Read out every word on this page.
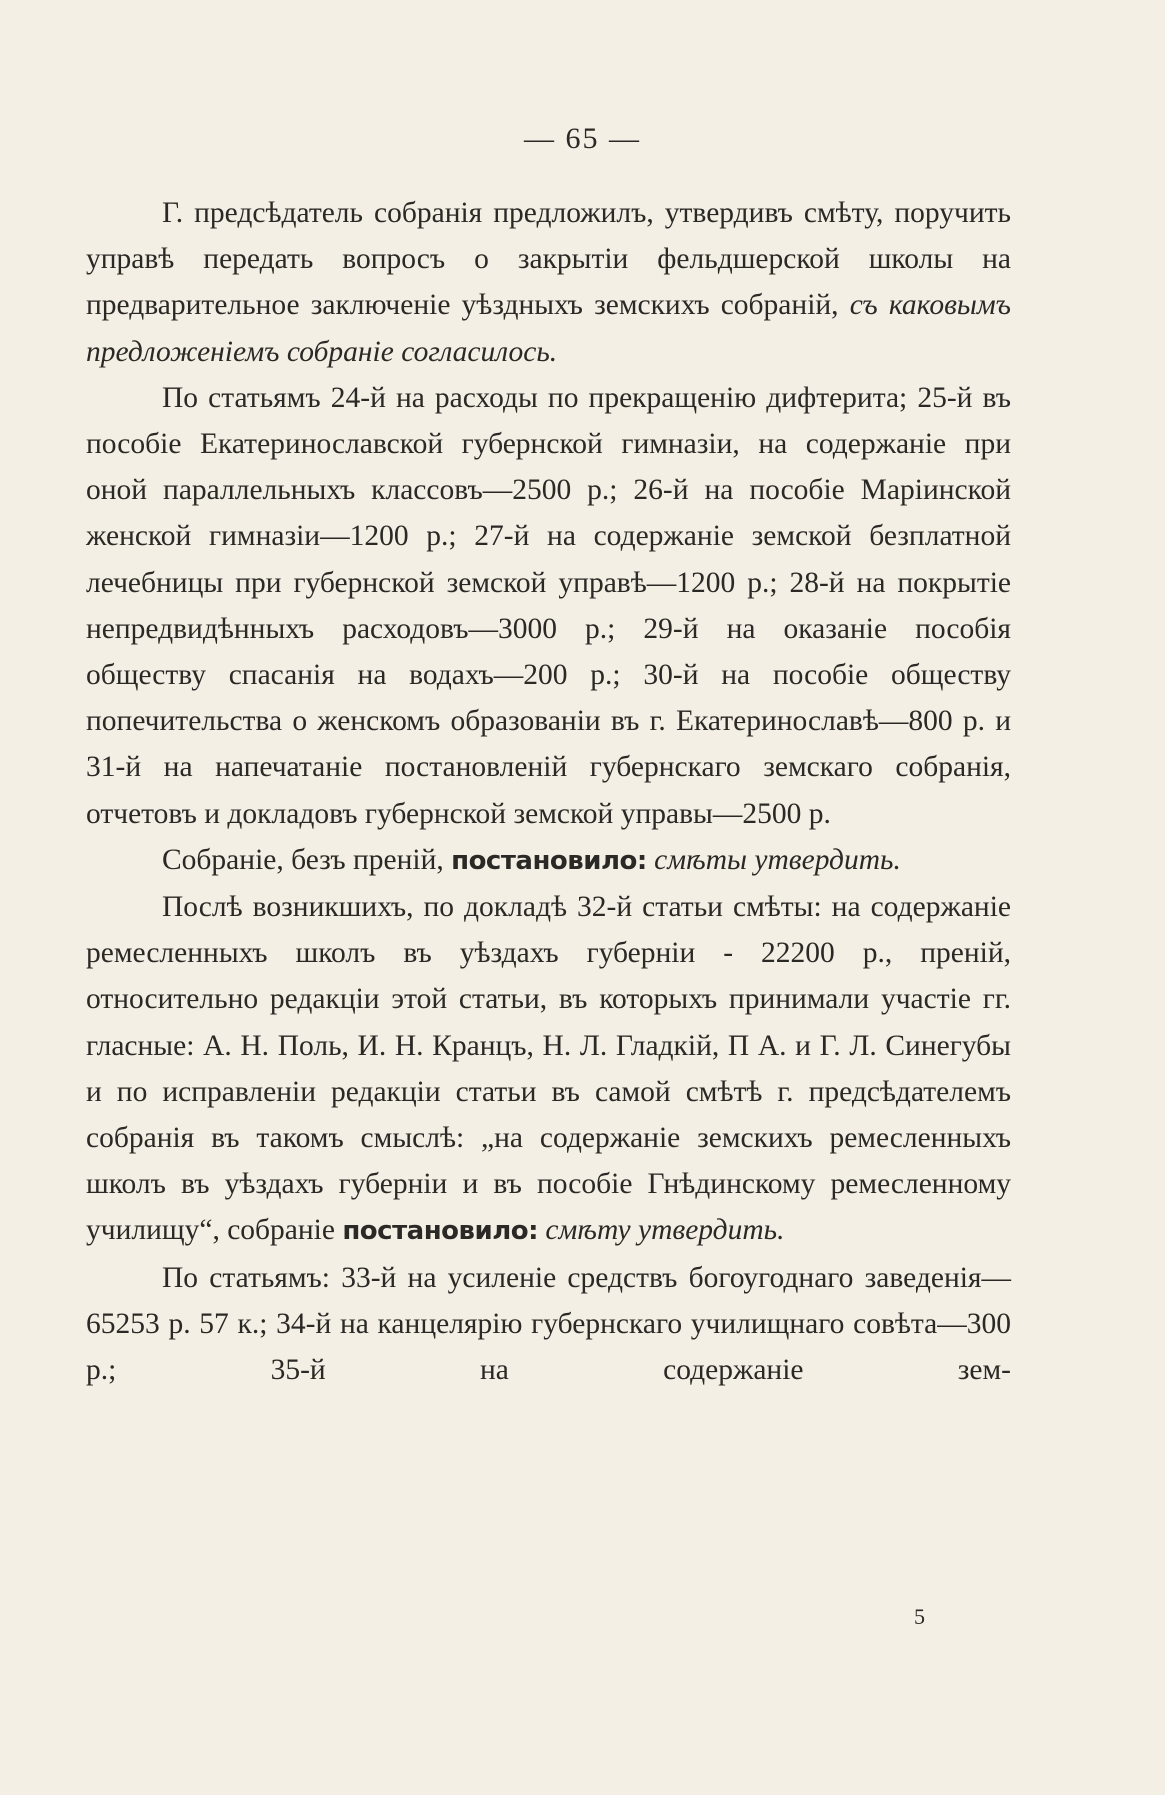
— 65 —

Г. предсѣдатель собранія предложилъ, утвердивъ смѣту, поручить управѣ передать вопросъ о закрытіи фельдшерской школы на предварительное заключеніе уѣздныхъ земскихъ собраній, съ каковымъ предложеніемъ собраніе согласилось.

По статьямъ 24-й на расходы по прекращенію дифтерита; 25-й въ пособіе Екатеринославской губернской гимназіи, на содержаніе при оной параллельныхъ классовъ—2500 р.; 26-й на пособіе Маріинской женской гимназіи—1200 р.; 27-й на содержаніе земской безплатной лечебницы при губернской земской управѣ—1200 р.; 28-й на покрытіе непредвидѣнныхъ расходовъ—3000 р.; 29-й на оказаніе пособія обществу спасанія на водахъ—200 р.; 30-й на пособіе обществу попечительства о женскомъ образованіи въ г. Екатеринославѣ—800 р. и 31-й на напечатаніе постановленій губернскаго земскаго собранія, отчетовъ и докладовъ губернской земской управы—2500 р.

Собраніе, безъ преній, постановило: смѣты утвердить.

Послѣ возникшихъ, по докладѣ 32-й статьи смѣты: на содержаніе ремесленныхъ школъ въ уѣздахъ губерніи - 22200 р., преній, относительно редакціи этой статьи, въ которыхъ принимали участіе гг. гласные: А. Н. Поль, И. Н. Кранцъ, Н. Л. Гладкій, П А. и Г. Л. Синегубы и по исправленіи редакціи статьи въ самой смѣтѣ г. предсѣдателемъ собранія въ такомъ смыслѣ: „на содержаніе земскихъ ремесленныхъ школъ въ уѣздахъ губерніи и въ пособіе Гнѣдинскому ремесленному училищу“, собраніе постановило: смѣту утвердить.

По статьямъ: 33-й на усиленіе средствъ богоугоднаго заведенія—65253 р. 57 к.; 34-й на канцелярію губернскаго училищнаго совѣта—300 р.; 35-й на содержаніе зем-

5
